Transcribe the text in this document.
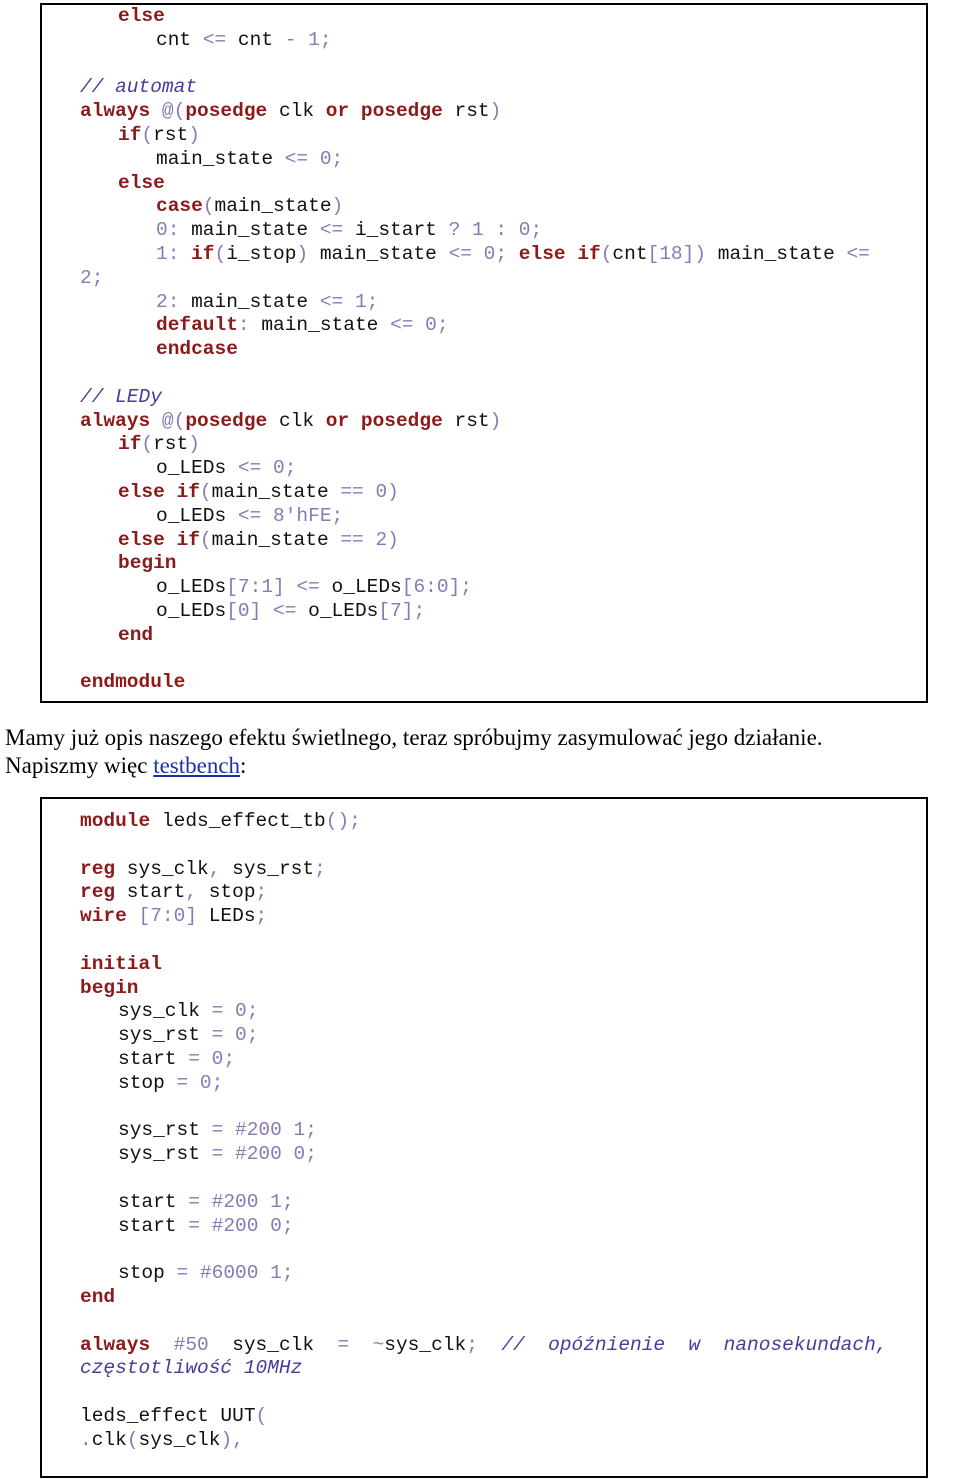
else
cnt <= cnt - 1;
// automat
always @(posedge clk or posedge rst)
if(rst)
main_state <= 0;
else
case(main_state)
0: main_state <= i_start ? 1 : 0;
1: if(i_stop) main_state <= 0; else if(cnt[18]) main_state <=
2;
2: main_state <= 1;
default: main_state <= 0;
endcase
// LEDy
always @(posedge clk or posedge rst)
if(rst)
o_LEDs <= 0;
else if(main_state == 0)
o_LEDs <= 8'hFE;
else if(main_state == 2)
begin
o_LEDs[7:1] <= o_LEDs[6:0];
o_LEDs[0] <= o_LEDs[7];
end
endmodule
Mamy już opis naszego efektu świetlnego, teraz spróbujmy zasymulować jego działanie.
Napiszmy więc testbench:
module leds_effect_tb();
reg sys_clk, sys_rst;
reg start, stop;
wire [7:0] LEDs;
initial
begin
sys_clk = 0;
sys_rst = 0;
start = 0;
stop = 0;
sys_rst = #200 1;
sys_rst = #200 0;
start = #200 1;
start = #200 0;
stop = #6000 1;
end
always  #50  sys_clk  =  ~sys_clk;  //  opóźnienie  w  nanosekundach,
częstotliwość 10MHz
leds_effect UUT(
.clk(sys_clk),
